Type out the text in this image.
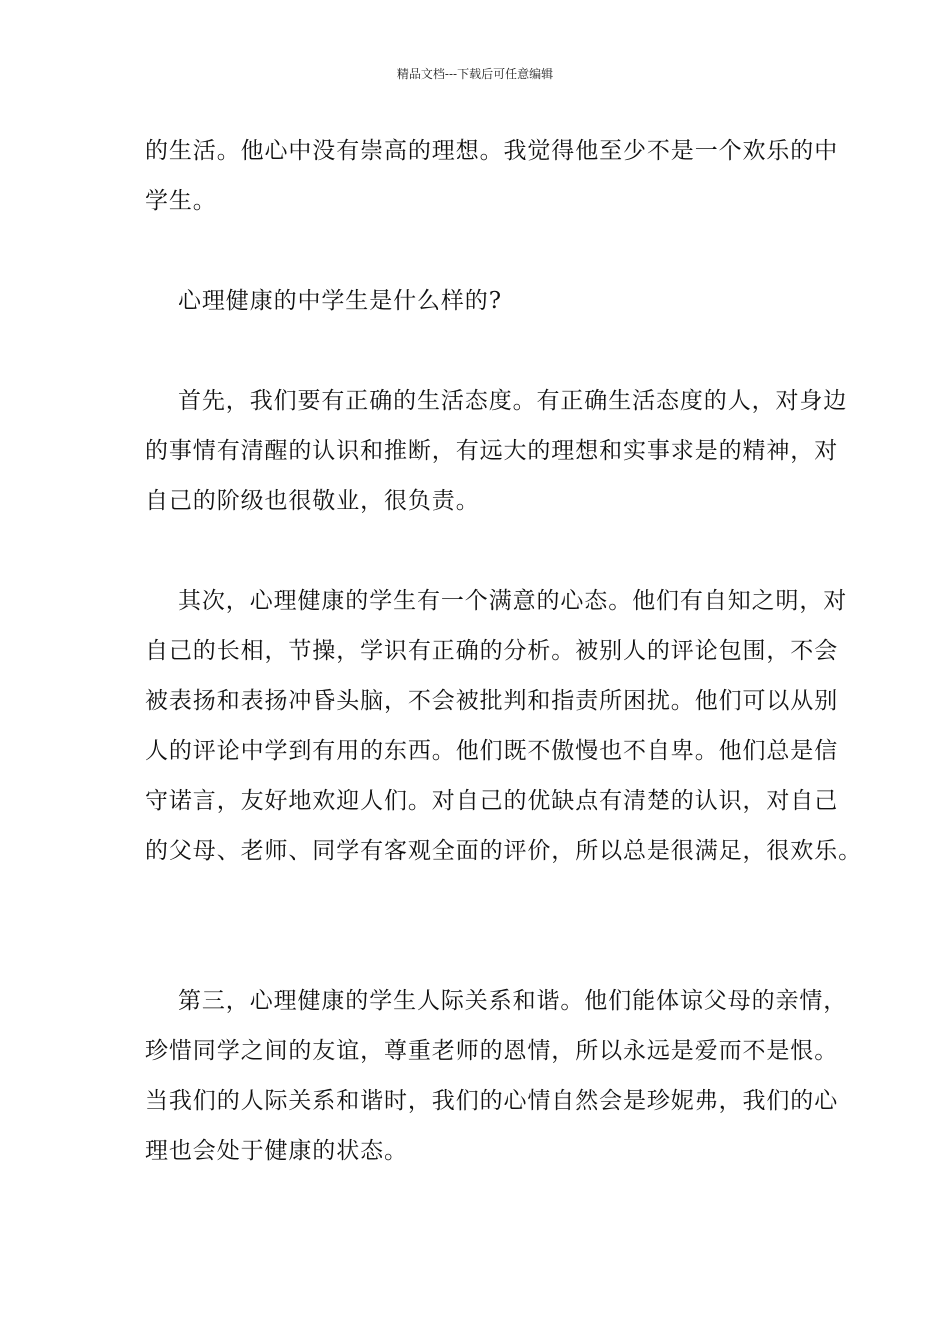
精品文档---下载后可任意编辑
的生活。他心中没有崇高的理想。我觉得他至少不是一个欢乐的中
学生。
心理健康的中学生是什么样的?
首先，我们要有正确的生活态度。有正确生活态度的人，对身边
的事情有清醒的认识和推断，有远大的理想和实事求是的精神，对
自己的阶级也很敬业，很负责。
其次，心理健康的学生有一个满意的心态。他们有自知之明，对
自己的长相，节操，学识有正确的分析。被别人的评论包围，不会
被表扬和表扬冲昏头脑，不会被批判和指责所困扰。他们可以从别
人的评论中学到有用的东西。他们既不傲慢也不自卑。他们总是信
守诺言，友好地欢迎人们。对自己的优缺点有清楚的认识，对自己
的父母、老师、同学有客观全面的评价，所以总是很满足，很欢乐。
第三，心理健康的学生人际关系和谐。他们能体谅父母的亲情，
珍惜同学之间的友谊，尊重老师的恩情，所以永远是爱而不是恨。
当我们的人际关系和谐时，我们的心情自然会是珍妮弗，我们的心
理也会处于健康的状态。
